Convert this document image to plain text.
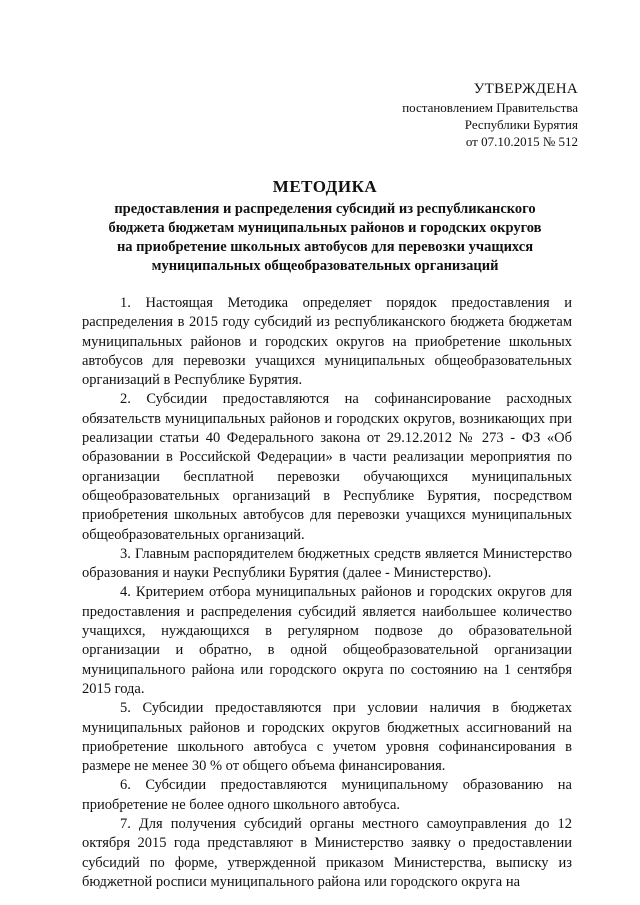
УТВЕРЖДЕНА
постановлением Правительства
Республики Бурятия
от 07.10.2015 № 512
МЕТОДИКА
предоставления и распределения субсидий из республиканского
бюджета бюджетам муниципальных районов и городских округов
на приобретение школьных автобусов для перевозки учащихся
муниципальных общеобразовательных организаций

1. Настоящая Методика определяет порядок предоставления и распределения в 2015 году субсидий из республиканского бюджета бюджетам муниципальных районов и городских округов на приобретение школьных автобусов для перевозки учащихся муниципальных общеобразовательных организаций в Республике Бурятия.

2. Субсидии предоставляются на софинансирование расходных обязательств муниципальных районов и городских округов, возникающих при реализации статьи 40 Федерального закона от 29.12.2012 № 273 - ФЗ «Об образовании в Российской Федерации» в части реализации мероприятия по организации бесплатной перевозки обучающихся муниципальных общеобразовательных организаций в Республике Бурятия, посредством приобретения школьных автобусов для перевозки учащихся муниципальных общеобразовательных организаций.

3. Главным распорядителем бюджетных средств является Министерство образования и науки Республики Бурятия (далее - Министерство).

4. Критерием отбора муниципальных районов и городских округов для предоставления и распределения субсидий является наибольшее количество учащихся, нуждающихся в регулярном подвозе до образовательной организации и обратно, в одной общеобразовательной организации муниципального района или городского округа по состоянию на 1 сентября 2015 года.

5. Субсидии предоставляются при условии наличия в бюджетах муниципальных районов и городских округов бюджетных ассигнований на приобретение школьного автобуса с учетом уровня софинансирования в размере не менее 30 % от общего объема финансирования.

6. Субсидии предоставляются муниципальному образованию на приобретение не более одного школьного автобуса.

7. Для получения субсидий органы местного самоуправления до 12 октября 2015 года представляют в Министерство заявку о предоставлении субсидий по форме, утвержденной приказом Министерства, выписку из бюджетной росписи муниципального района или городского округа на
